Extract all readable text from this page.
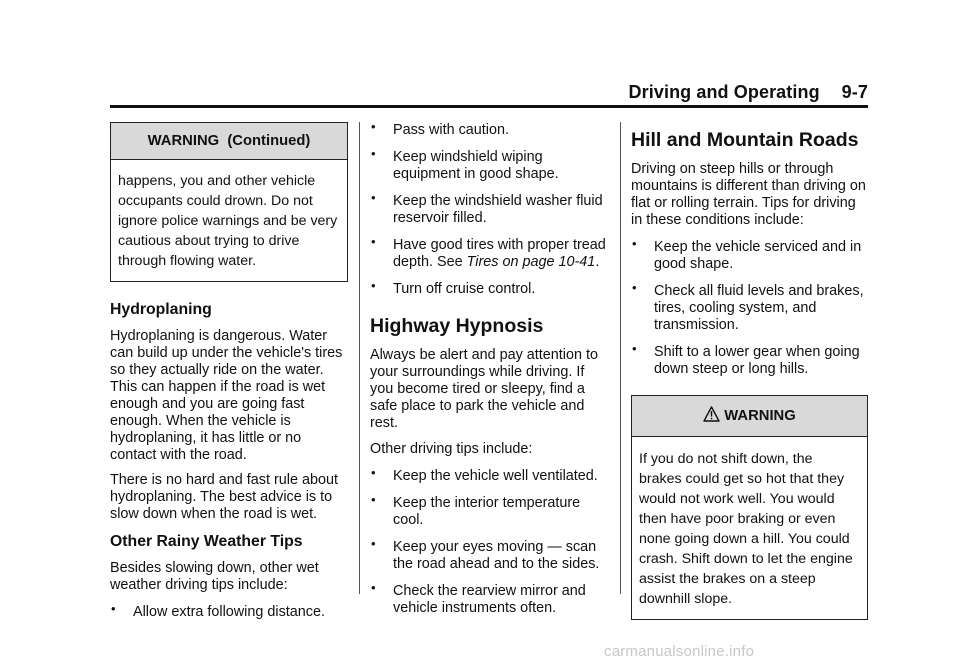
Driving and Operating 9-7
WARNING  (Continued)
happens, you and other vehicle occupants could drown. Do not ignore police warnings and be very cautious about trying to drive through flowing water.
Hydroplaning

Hydroplaning is dangerous. Water can build up under the vehicle's tires so they actually ride on the water. This can happen if the road is wet enough and you are going fast enough. When the vehicle is hydroplaning, it has little or no contact with the road.

There is no hard and fast rule about hydroplaning. The best advice is to slow down when the road is wet.

Other Rainy Weather Tips

Besides slowing down, other wet weather driving tips include:

• Allow extra following distance.
• Pass with caution.
• Keep windshield wiping equipment in good shape.
• Keep the windshield washer fluid reservoir filled.
• Have good tires with proper tread depth. See Tires on page 10-41.
• Turn off cruise control.
Highway Hypnosis

Always be alert and pay attention to your surroundings while driving. If you become tired or sleepy, find a safe place to park the vehicle and rest.

Other driving tips include:

• Keep the vehicle well ventilated.
• Keep the interior temperature cool.
• Keep your eyes moving — scan the road ahead and to the sides.
• Check the rearview mirror and vehicle instruments often.
Hill and Mountain Roads

Driving on steep hills or through mountains is different than driving on flat or rolling terrain. Tips for driving in these conditions include:

• Keep the vehicle serviced and in good shape.
• Check all fluid levels and brakes, tires, cooling system, and transmission.
• Shift to a lower gear when going down steep or long hills.
WARNING
If you do not shift down, the brakes could get so hot that they would not work well. You would then have poor braking or even none going down a hill. You could crash. Shift down to let the engine assist the brakes on a steep downhill slope.
carmanualsonline.info
